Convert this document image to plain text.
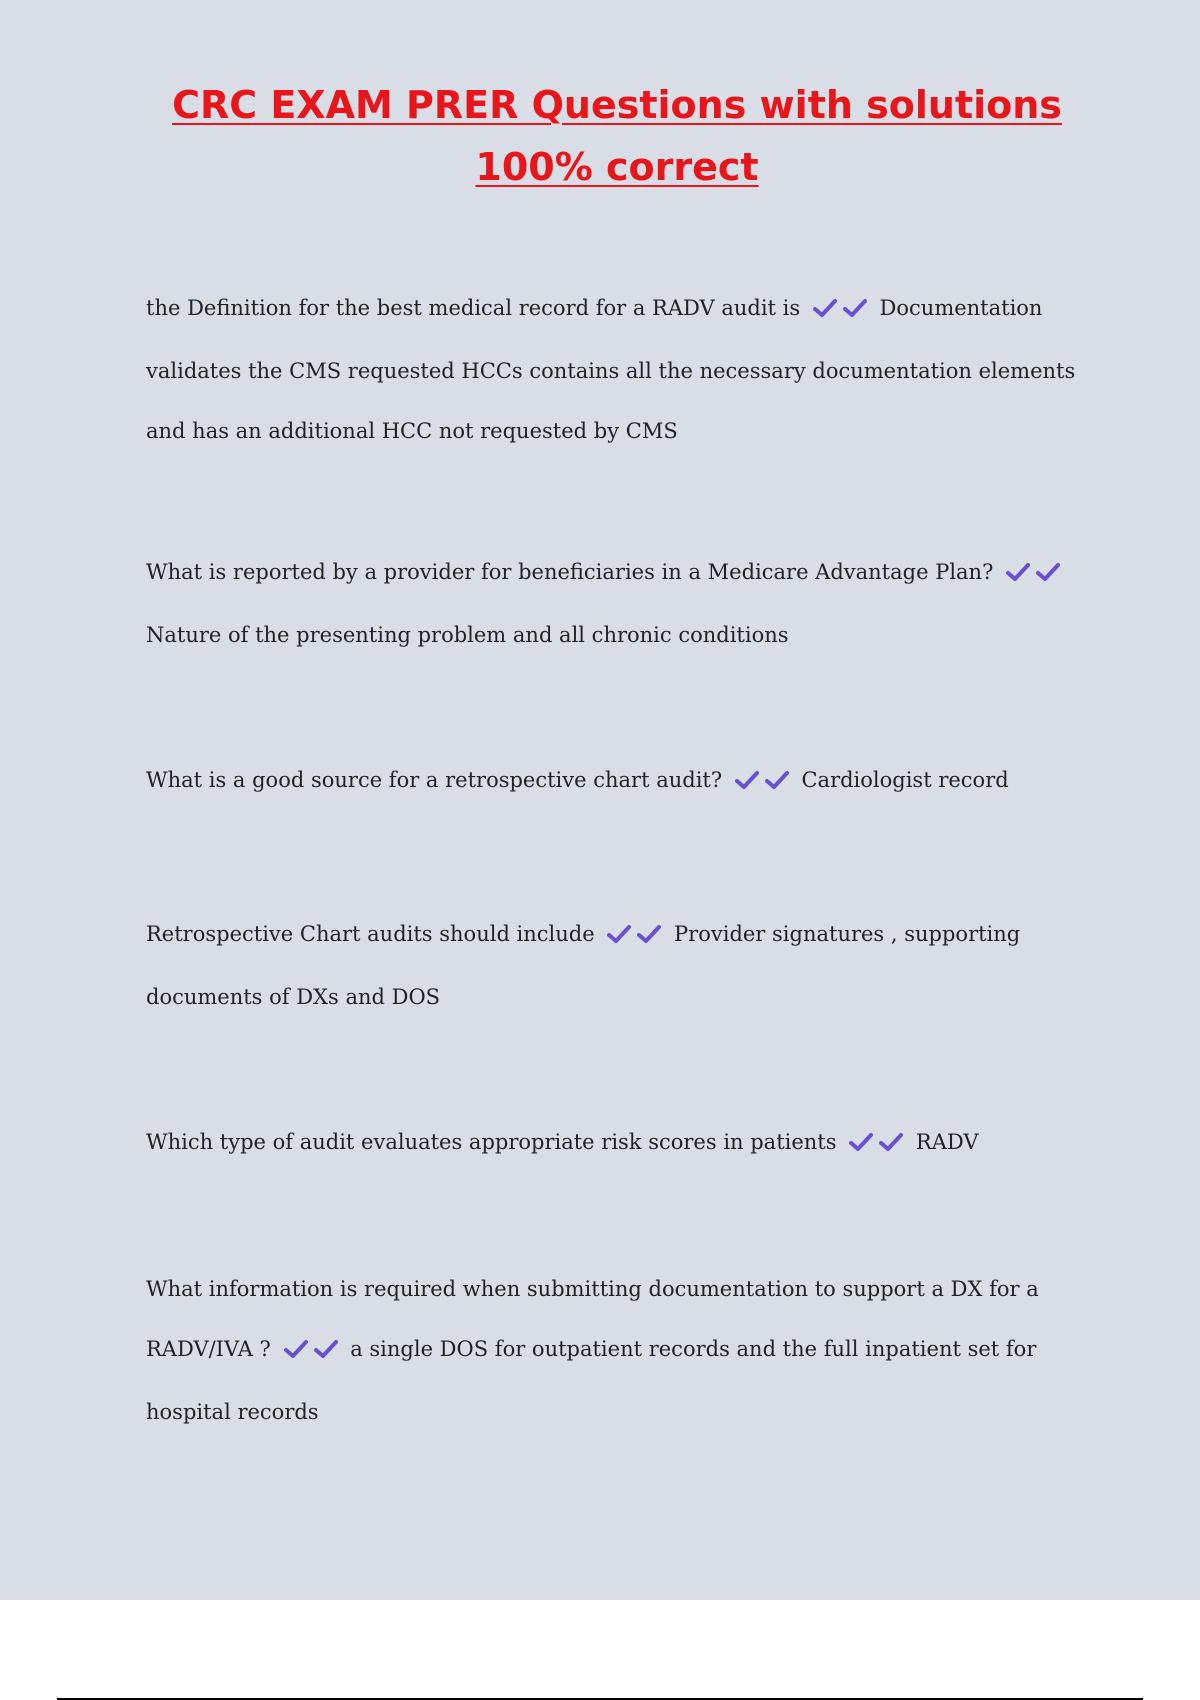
CRC EXAM PRER Questions with solutions
100% correct

the Definition for the best medical record for a RADV audit is	Documentation validates the CMS requested HCCs contains all the necessary documentation elements and has an additional HCC not requested by CMS

What is reported by a provider for beneficiaries in a Medicare Advantage Plan?  Nature of the presenting problem and all chronic conditions

What is a good source for a retrospective chart audit?	Cardiologist record

Retrospective Chart audits should include	Provider signatures , supporting documents of DXs and DOS

Which type of audit evaluates appropriate risk scores in patients	RADV

What information is required when submitting documentation to support a DX for a RADV/IVA ?	a single DOS for outpatient records and the full inpatient set for hospital records
